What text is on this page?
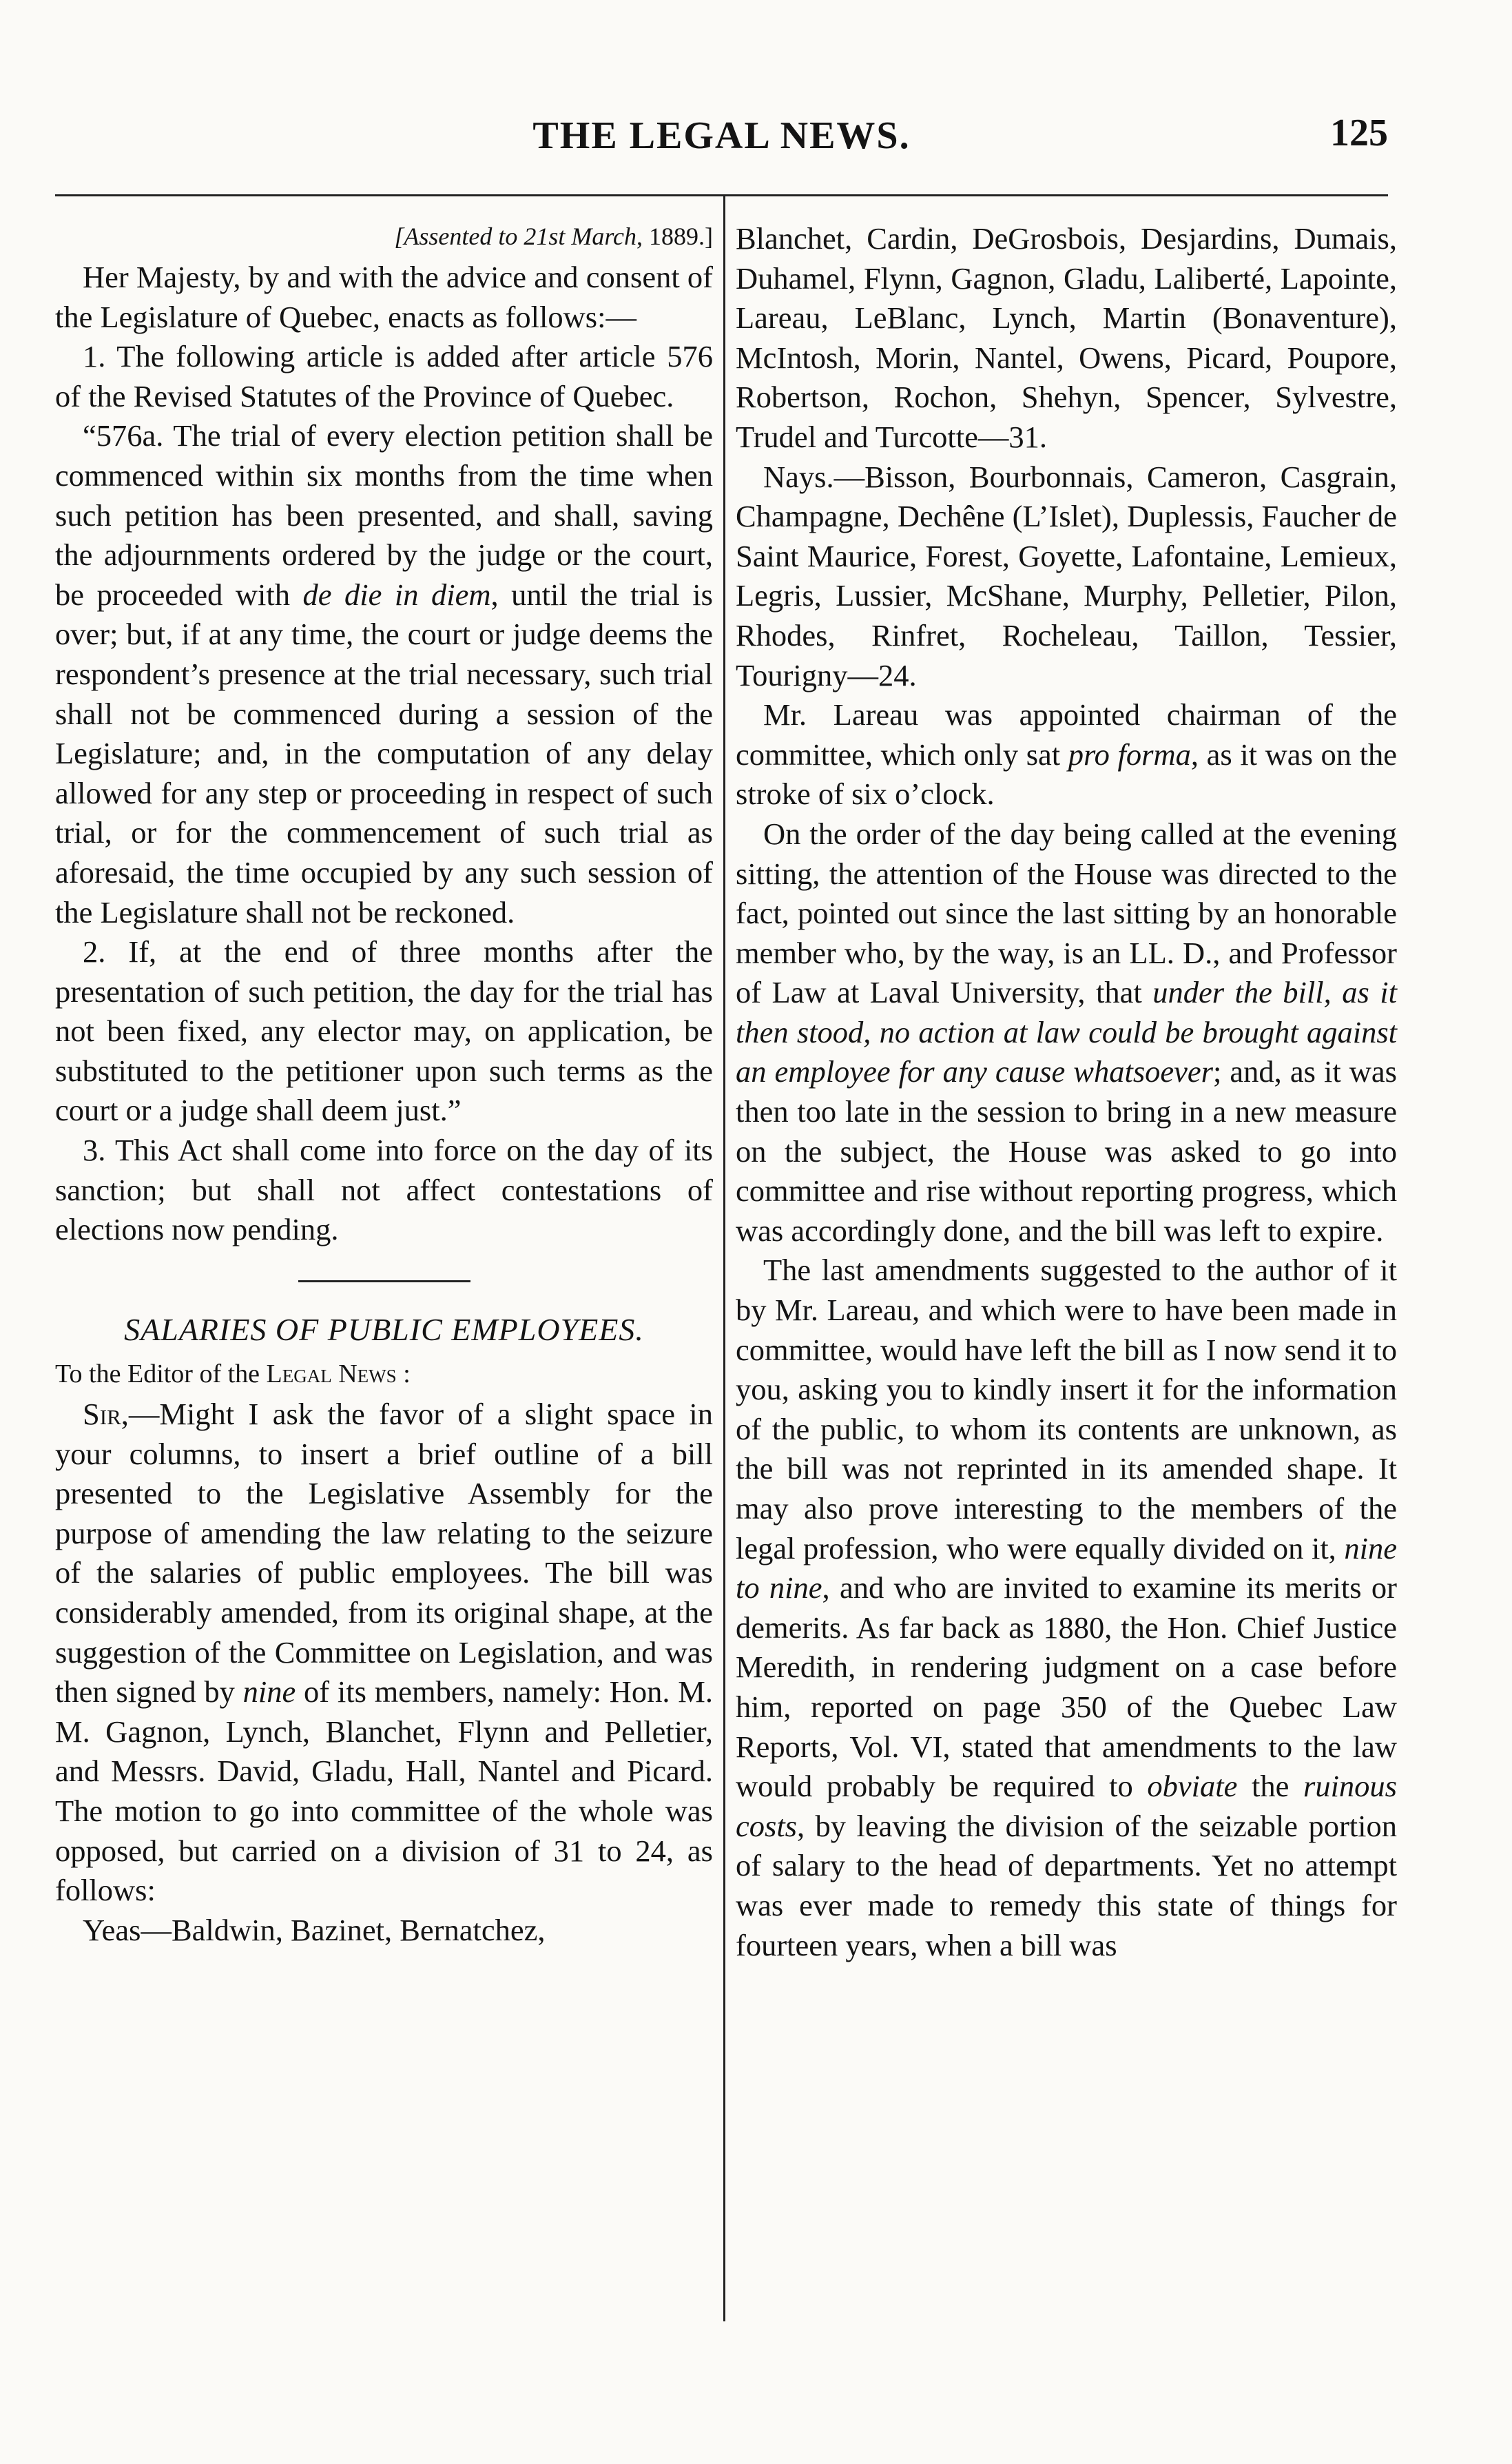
THE LEGAL NEWS.	125

[Assented to 21st March, 1889.]

Her Majesty, by and with the advice and consent of the Legislature of Quebec, enacts as follows:—

1. The following article is added after article 576 of the Revised Statutes of the Province of Quebec.

“576a. The trial of every election petition shall be commenced within six months from the time when such petition has been presented, and shall, saving the adjournments ordered by the judge or the court, be proceeded with de die in diem, until the trial is over; but, if at any time, the court or judge deems the respondent’s presence at the trial necessary, such trial shall not be commenced during a session of the Legislature; and, in the computation of any delay allowed for any step or proceeding in respect of such trial, or for the commencement of such trial as aforesaid, the time occupied by any such session of the Legislature shall not be reckoned.

2. If, at the end of three months after the presentation of such petition, the day for the trial has not been fixed, any elector may, on application, be substituted to the petitioner upon such terms as the court or a judge shall deem just.”

3. This Act shall come into force on the day of its sanction; but shall not affect contestations of elections now pending.

SALARIES OF PUBLIC EMPLOYEES.

To the Editor of the Legal News :

Sir,—Might I ask the favor of a slight space in your columns, to insert a brief outline of a bill presented to the Legislative Assembly for the purpose of amending the law relating to the seizure of the salaries of public employees. The bill was considerably amended, from its original shape, at the suggestion of the Committee on Legislation, and was then signed by nine of its members, namely: Hon. M. M. Gagnon, Lynch, Blanchet, Flynn and Pelletier, and Messrs. David, Gladu, Hall, Nantel and Picard. The motion to go into committee of the whole was opposed, but carried on a division of 31 to 24, as follows:

Yeas—Baldwin, Bazinet, Bernatchez,

Blanchet, Cardin, DeGrosbois, Desjardins, Dumais, Duhamel, Flynn, Gagnon, Gladu, Laliberté, Lapointe, Lareau, LeBlanc, Lynch, Martin (Bonaventure), McIntosh, Morin, Nantel, Owens, Picard, Poupore, Robertson, Rochon, Shehyn, Spencer, Sylvestre, Trudel and Turcotte—31.

Nays.—Bisson, Bourbonnais, Cameron, Casgrain, Champagne, Dechêne (L’Islet), Duplessis, Faucher de Saint Maurice, Forest, Goyette, Lafontaine, Lemieux, Legris, Lussier, McShane, Murphy, Pelletier, Pilon, Rhodes, Rinfret, Rocheleau, Taillon, Tessier, Tourigny—24.

Mr. Lareau was appointed chairman of the committee, which only sat pro forma, as it was on the stroke of six o’clock.

On the order of the day being called at the evening sitting, the attention of the House was directed to the fact, pointed out since the last sitting by an honorable member who, by the way, is an LL. D., and Professor of Law at Laval University, that under the bill, as it then stood, no action at law could be brought against an employee for any cause whatsoever; and, as it was then too late in the session to bring in a new measure on the subject, the House was asked to go into committee and rise without reporting progress, which was accordingly done, and the bill was left to expire.

The last amendments suggested to the author of it by Mr. Lareau, and which were to have been made in committee, would have left the bill as I now send it to you, asking you to kindly insert it for the information of the public, to whom its contents are unknown, as the bill was not reprinted in its amended shape. It may also prove interesting to the members of the legal profession, who were equally divided on it, nine to nine, and who are invited to examine its merits or demerits. As far back as 1880, the Hon. Chief Justice Meredith, in rendering judgment on a case before him, reported on page 350 of the Quebec Law Reports, Vol. VI, stated that amendments to the law would probably be required to obviate the ruinous costs, by leaving the division of the seizable portion of salary to the head of departments. Yet no attempt was ever made to remedy this state of things for fourteen years, when a bill was
